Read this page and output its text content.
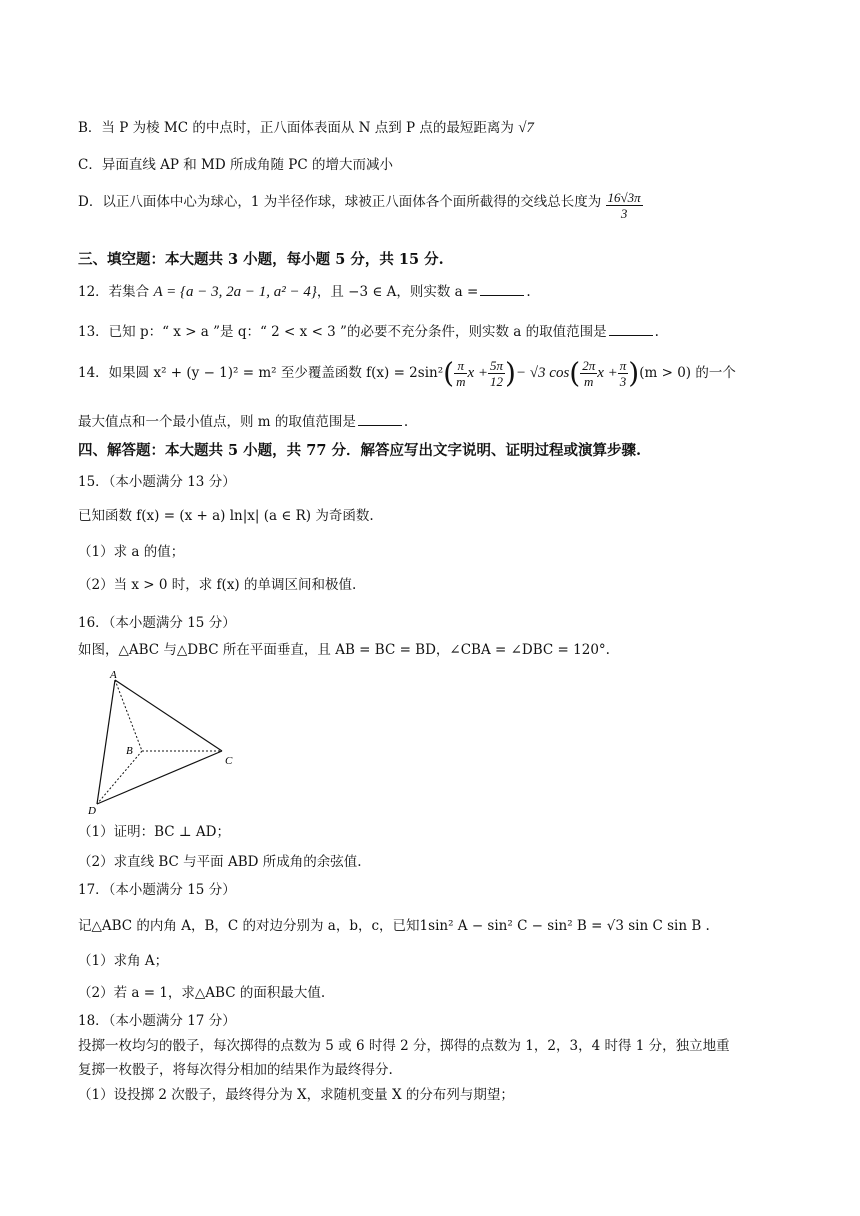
B．当 P 为棱 MC 的中点时，正八面体表面从 N 点到 P 点的最短距离为 √7
C．异面直线 AP 和 MD 所成角随 PC 的增大而减小
D．以正八面体中心为球心，1 为半径作球，球被正八面体各个面所截得的交线总长度为 $\frac{16√3\pi}{3}$
三、填空题：本大题共 3 小题，每小题 5 分，共 15 分.
12．若集合 A = {a − 3, 2a − 1, a² − 4}，且 −3 ∈ A，则实数 a =	.
13．已知 p：“ x > a ”是 q：“ 2 < x < 3 ”的必要不充分条件，则实数 a 的取值范围是	.
14．如果圆 x² + (y − 1)² = m² 至少覆盖函数 $f(x) = 2\sin^2( \frac{\pi}{m}$ $x + \frac{5\pi}{12}$ )− √3 $\cos( \frac{2\pi}{m}$ $x + \frac{\pi}{3} )(m > 0)$ 的一个
最大值点和一个最小值点，则 m 的取值范围是	.
四、解答题：本大题共 5 小题，共 77 分．解答应写出文字说明、证明过程或演算步骤.
15．（本小题满分 13 分）
已知函数 f(x) = (x + a) ln|x| (a ∈ R) 为奇函数.
（1）求 a 的值；
（2）当 x > 0 时，求 f(x) 的单调区间和极值.
16．（本小题满分 15 分）
如图，△ABC 与△DBC 所在平面垂直，且 AB = BC = BD，∠CBA = ∠DBC = 120°.
A
B
C
D
（1）证明：BC ⊥ AD；
（2）求直线 BC 与平面 ABD 所成角的余弦值.
17．（本小题满分 15 分）
记△ABC 的内角 A，B，C 的对边分别为 a，b，c，已知1sin² A − sin² C − sin² B = √3 sin C sin B .
（1）求角 A；
（2）若 a = 1，求△ABC 的面积最大值.
18．（本小题满分 17 分）
投掷一枚均匀的骰子，每次掷得的点数为 5 或 6 时得 2 分，掷得的点数为 1，2，3，4 时得 1 分，独立地重
复掷一枚骰子，将每次得分相加的结果作为最终得分.
（1）设投掷 2 次骰子，最终得分为 X，求随机变量 X 的分布列与期望；
